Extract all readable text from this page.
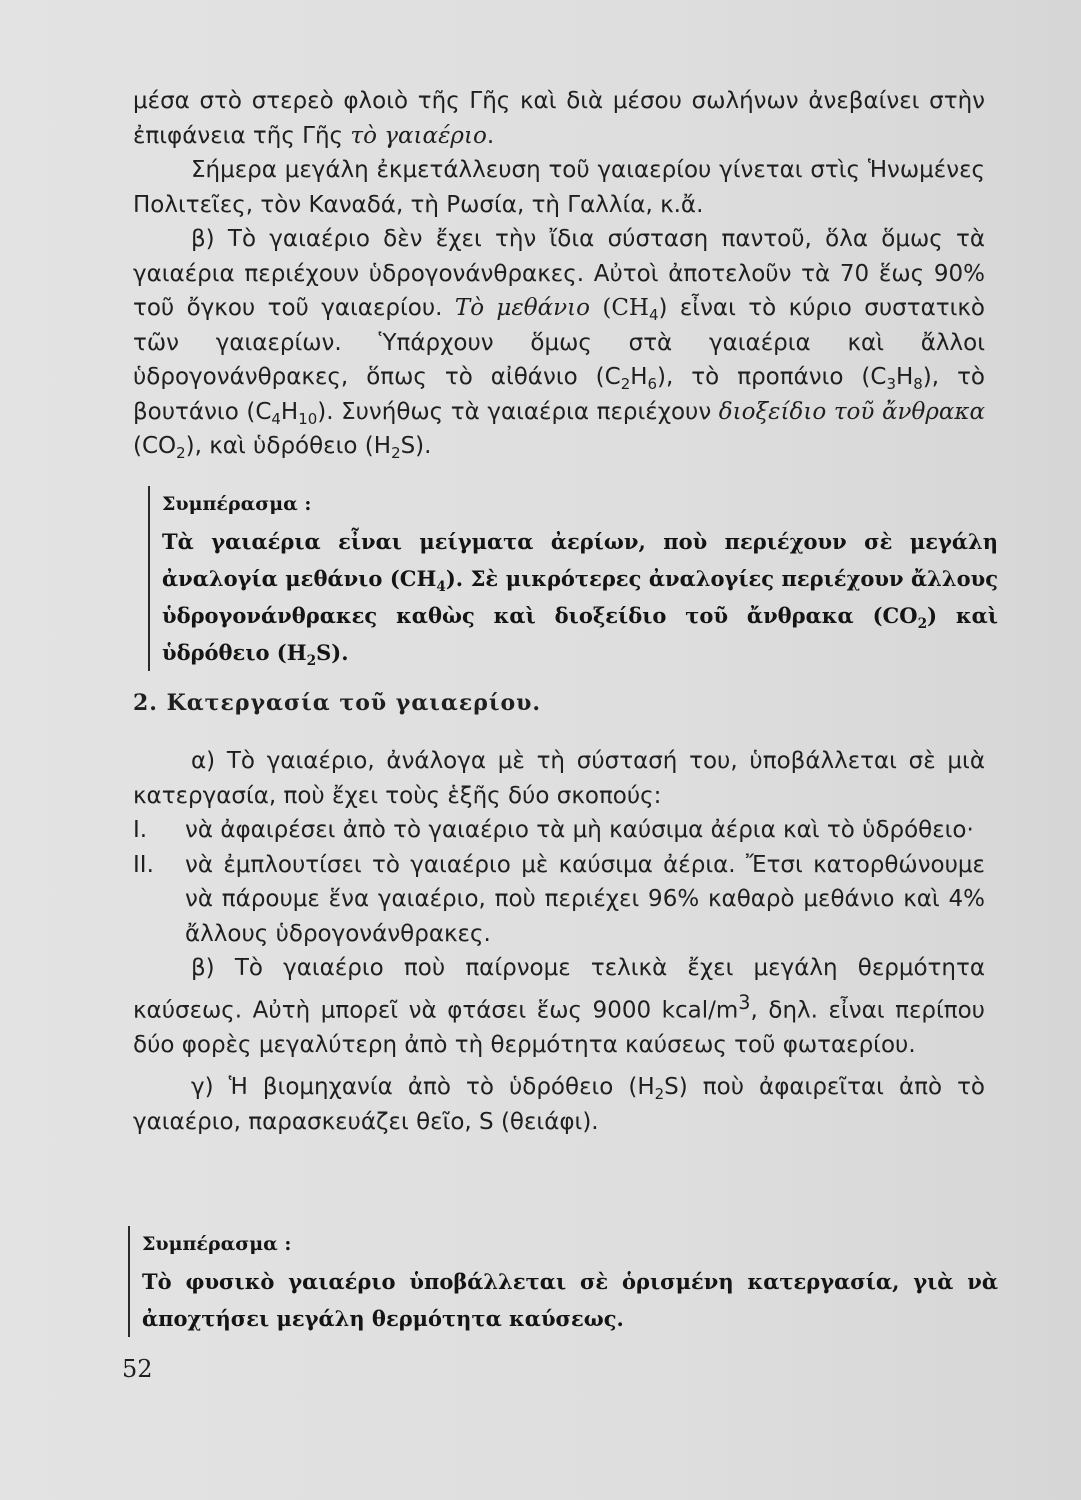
μέσα στὸ στερεὸ φλοιὸ τῆς Γῆς καὶ διὰ μέσου σωλήνων ἀνεβαίνει στὴν ἐπιφάνεια τῆς Γῆς τὸ γαιαέριο.

Σήμερα μεγάλη ἐκμετάλλευση τοῦ γαιαερίου γίνεται στὶς Ἡνωμένες Πολιτεῖες, τὸν Καναδά, τὴ Ρωσία, τὴ Γαλλία, κ.ἄ.

β) Τὸ γαιαέριο δὲν ἔχει τὴν ἴδια σύσταση παντοῦ, ὅλα ὅμως τὰ γαιαέρια περιέχουν ὑδρογονάνθρακες. Αὐτοὶ ἀποτελοῦν τὰ 70 ἕως 90% τοῦ ὄγκου τοῦ γαιαερίου. Τὸ μεθάνιο $(CH_4)$ εἶναι τὸ κύριο συστατικὸ τῶν γαιαερίων. Ὑπάρχουν ὅμως στὰ γαιαέρια καὶ ἄλλοι ὑδρογονάνθρακες, ὅπως τὸ αἰθάνιο $(C_2H_6)$, τὸ προπάνιο $(C_3H_8)$, τὸ βουτάνιο $(C_4H_{10})$. Συνήθως τὰ γαιαέρια περιέχουν διοξείδιο τοῦ ἄνθρακα $(CO_2)$, καὶ ὑδρόθειο $(H_2S)$.

Συμπέρασμα :

Τὰ γαιαέρια εἶναι μείγματα ἀερίων, ποὺ περιέχουν σὲ μεγάλη ἀναλογία μεθάνιο $(CH_4)$. Σὲ μικρότερες ἀναλογίες περιέχουν ἄλλους ὑδρογονάνθρακες καθὼς καὶ διοξείδιο τοῦ ἄνθρακα $(CO_2)$ καὶ ὑδρόθειο $(H_2S)$.

2. Κατεργασία τοῦ γαιαερίου.

α) Τὸ γαιαέριο, ἀνάλογα μὲ τὴ σύστασή του, ὑποβάλλεται σὲ μιὰ κατεργασία, ποὺ ἔχει τοὺς ἑξῆς δύο σκοπούς:

I. νὰ ἀφαιρέσει ἀπὸ τὸ γαιαέριο τὰ μὴ καύσιμα ἀέρια καὶ τὸ ὑδρόθειο·

II. νὰ ἐμπλουτίσει τὸ γαιαέριο μὲ καύσιμα ἀέρια. Ἔτσι κατορθώνουμε νὰ πάρουμε ἕνα γαιαέριο, ποὺ περιέχει 96% καθαρὸ μεθάνιο καὶ 4% ἄλλους ὑδρογονάνθρακες.

β) Τὸ γαιαέριο ποὺ παίρνομε τελικὰ ἔχει μεγάλη θερμότητα καύσεως. Αὐτὴ μπορεῖ νὰ φτάσει ἕως 9000 kcal/$m^3$, δηλ. εἶναι περίπου δύο φορὲς μεγαλύτερη ἀπὸ τὴ θερμότητα καύσεως τοῦ φωταερίου.

γ) Ἡ βιομηχανία ἀπὸ τὸ ὑδρόθειο $(H_2S)$ ποὺ ἀφαιρεῖται ἀπὸ τὸ γαιαέριο, παρασκευάζει θεῖο, S (θειάφι).

Συμπέρασμα :

Τὸ φυσικὸ γαιαέριο ὑποβάλλεται σὲ ὁρισμένη κατεργασία, γιὰ νὰ ἀποχτήσει μεγάλη θερμότητα καύσεως.

52
